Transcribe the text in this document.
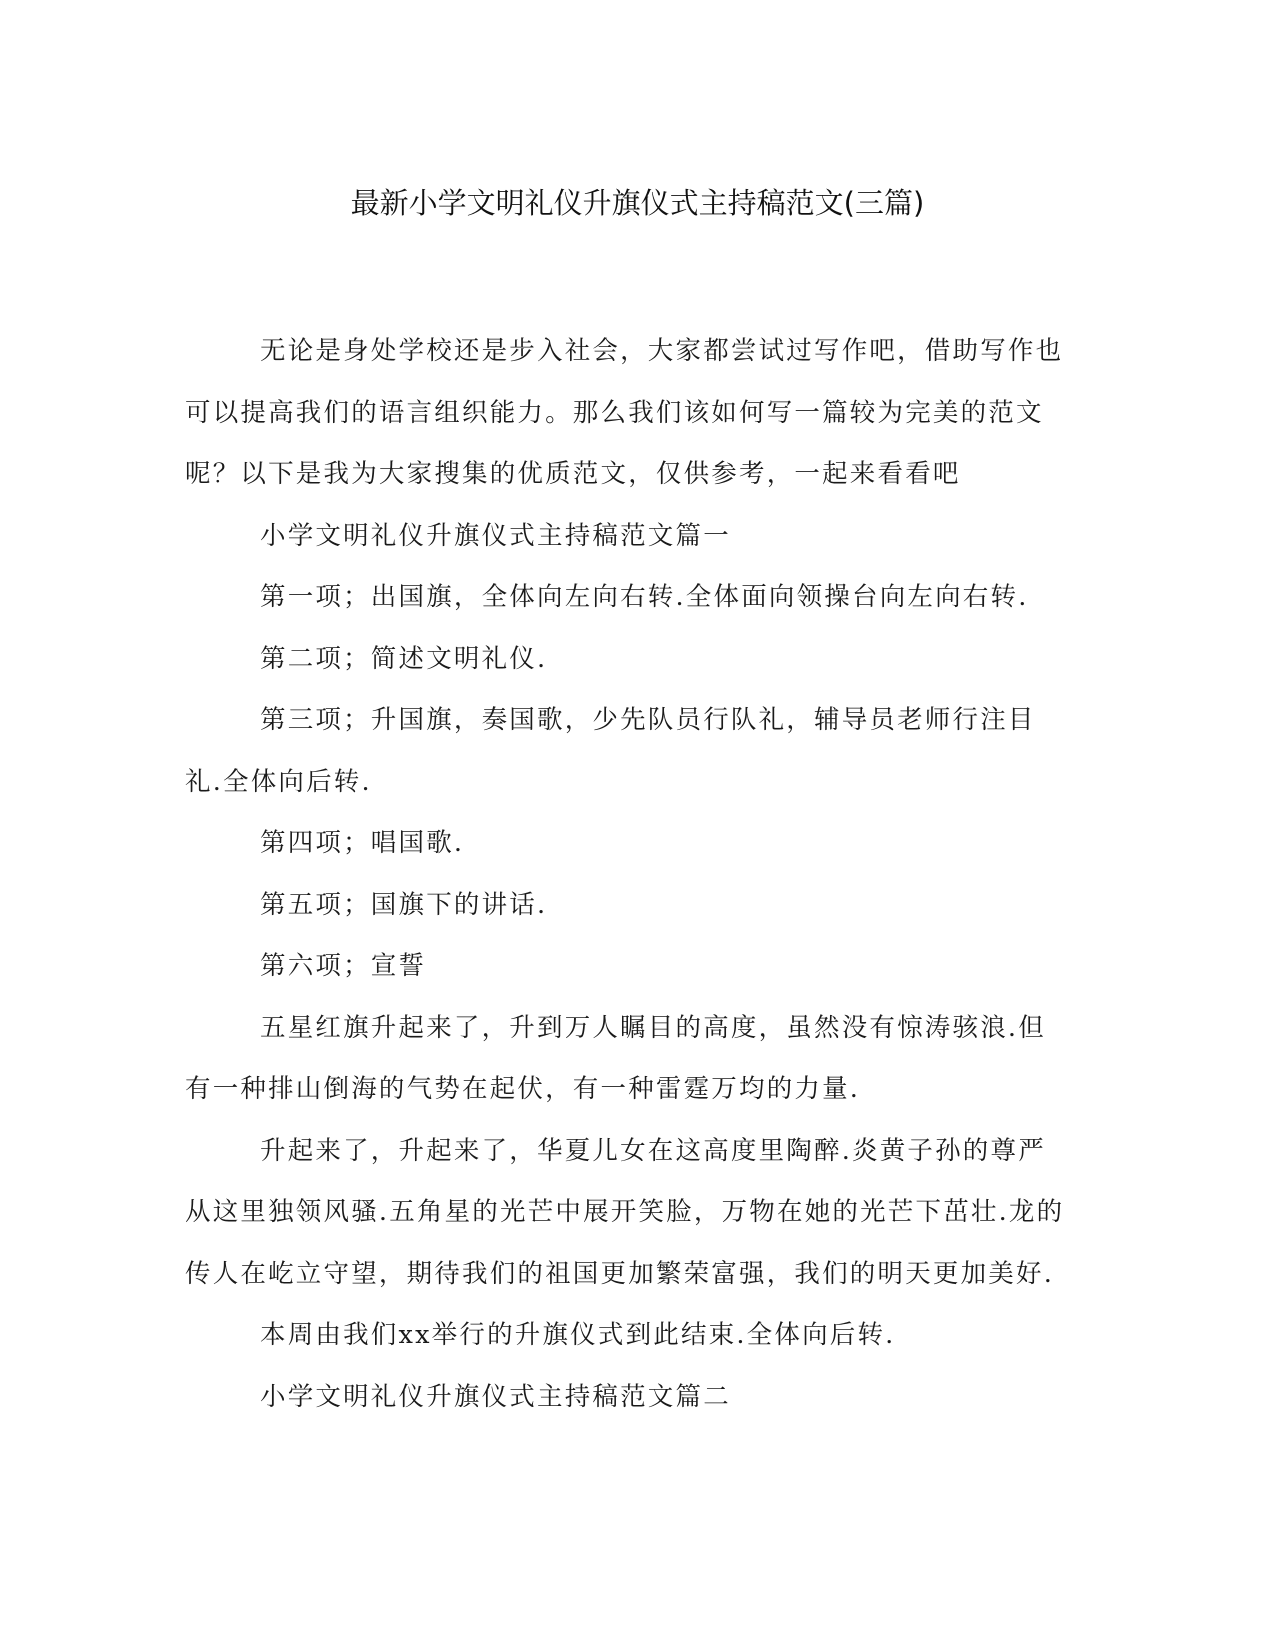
最新小学文明礼仪升旗仪式主持稿范文(三篇)

无论是身处学校还是步入社会，大家都尝试过写作吧，借助写作也可以提高我们的语言组织能力。那么我们该如何写一篇较为完美的范文呢？以下是我为大家搜集的优质范文，仅供参考，一起来看看吧

小学文明礼仪升旗仪式主持稿范文篇一

第一项；出国旗，全体向左向右转.全体面向领操台向左向右转.

第二项；简述文明礼仪.

第三项；升国旗，奏国歌，少先队员行队礼，辅导员老师行注目礼.全体向后转.

第四项；唱国歌.

第五项；国旗下的讲话.

第六项；宣誓

五星红旗升起来了，升到万人瞩目的高度，虽然没有惊涛骇浪.但有一种排山倒海的气势在起伏，有一种雷霆万均的力量.

升起来了，升起来了，华夏儿女在这高度里陶醉.炎黄子孙的尊严从这里独领风骚.五角星的光芒中展开笑脸，万物在她的光芒下茁壮.龙的传人在屹立守望，期待我们的祖国更加繁荣富强，我们的明天更加美好.

本周由我们xx举行的升旗仪式到此结束.全体向后转.

小学文明礼仪升旗仪式主持稿范文篇二
